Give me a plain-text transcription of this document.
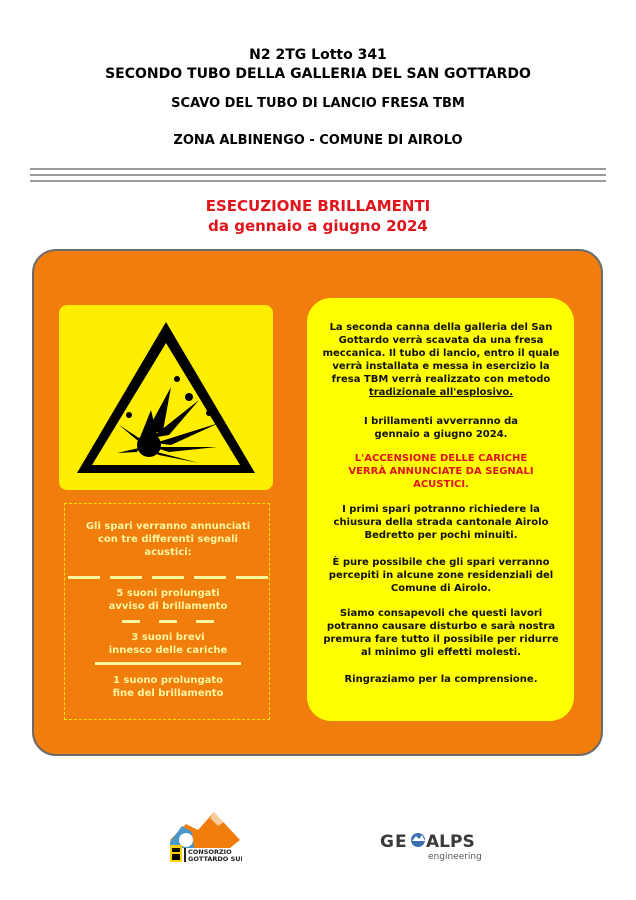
N2 2TG Lotto 341
SECONDO TUBO DELLA GALLERIA DEL SAN GOTTARDO
SCAVO DEL TUBO DI LANCIO FRESA TBM
ZONA ALBINENGO - COMUNE DI AIROLO
ESECUZIONE BRILLAMENTI
da gennaio a giugno 2024
Gli spari verranno annunciati
con tre differenti segnali
acustici:
5 suoni prolungati
avviso di brillamento
3 suoni brevi
innesco delle cariche
1 suono prolungato
fine del brillamento
La seconda canna della galleria del San
Gottardo verrà scavata da una fresa
meccanica. Il tubo di lancio, entro il quale
verrà installata e messa in esercizio la
fresa TBM verrà realizzato con metodo
tradizionale all'esplosivo.
I brillamenti avverranno da
gennaio a giugno 2024.
L'ACCENSIONE DELLE CARICHE
VERRÀ ANNUNCIATE DA SEGNALI
ACUSTICI.
I primi spari potranno richiedere la
chiusura della strada cantonale Airolo
Bedretto per pochi minuiti.
È pure possibile che gli spari verranno
percepiti in alcune zone residenziali del
Comune di Airolo.
Siamo consapevoli che questi lavori
potranno causare disturbo e sarà nostra
premura fare tutto il possibile per ridurre
al minimo gli effetti molesti.
Ringraziamo per la comprensione.
CONSORZIO
GOTTARDO SUD
GE ALPS
engineering
